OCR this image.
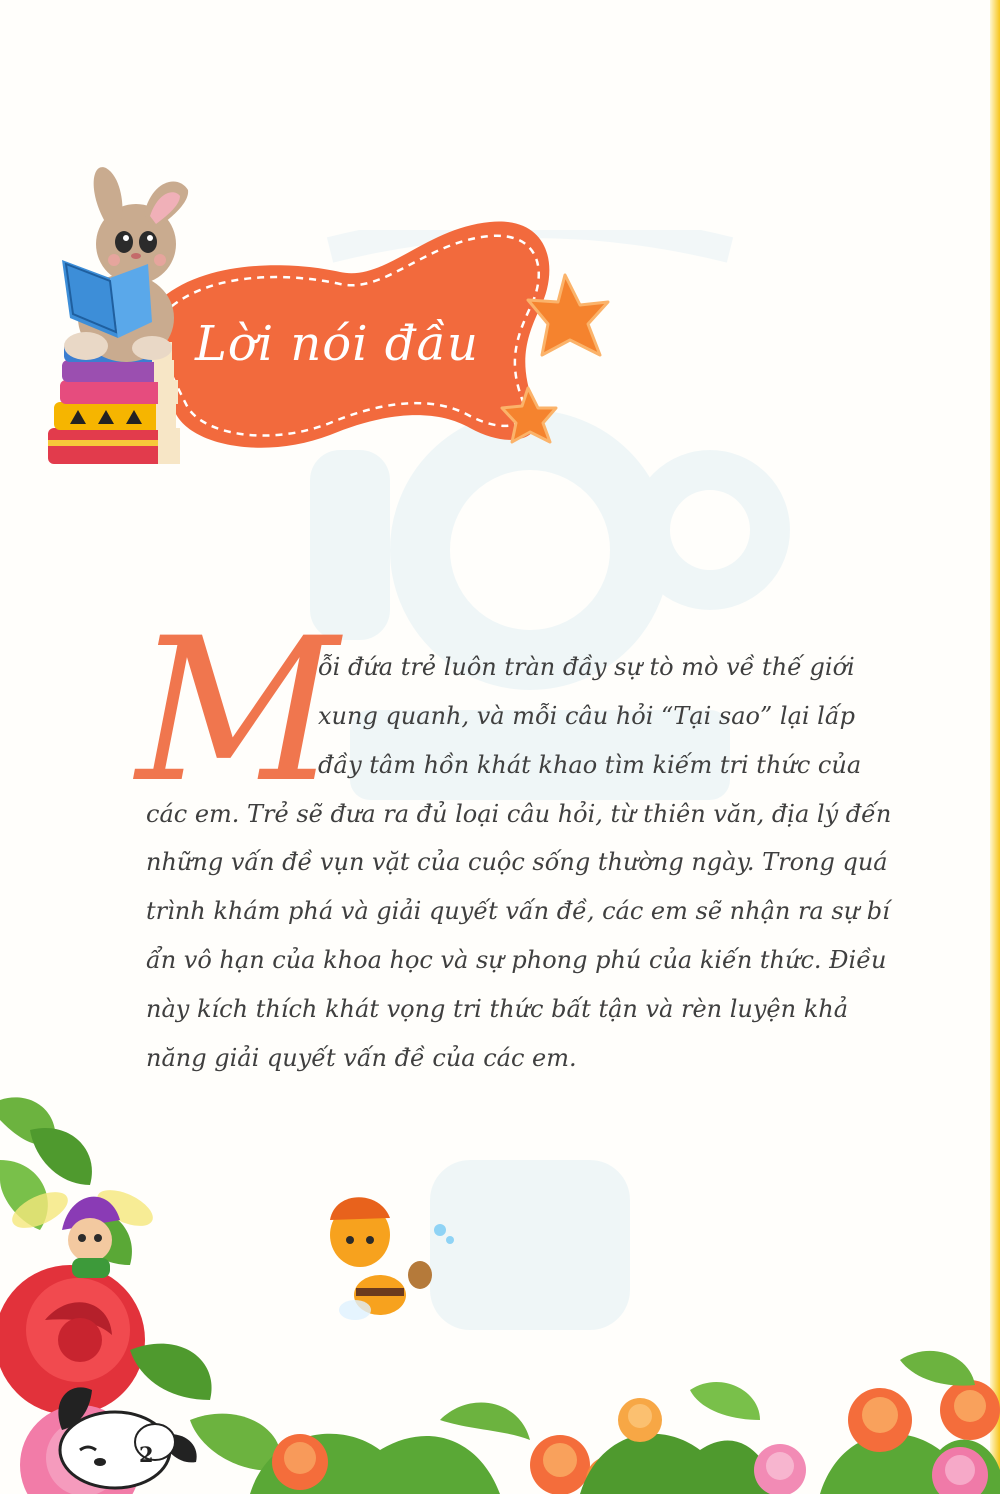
Lời nói đầu
M
ỗi đứa trẻ luôn tràn đầy sự tò mò về thế giới
xung quanh, và mỗi câu hỏi “Tại sao” lại lấp
đầy tâm hồn khát khao tìm kiếm tri thức của
các em. Trẻ sẽ đưa ra đủ loại câu hỏi, từ thiên văn, địa lý đến
những vấn đề vụn vặt của cuộc sống thường ngày. Trong quá
trình khám phá và giải quyết vấn đề, các em sẽ nhận ra sự bí
ẩn vô hạn của khoa học và sự phong phú của kiến thức. Điều
này kích thích khát vọng tri thức bất tận và rèn luyện khả
năng giải quyết vấn đề của các em.
2
